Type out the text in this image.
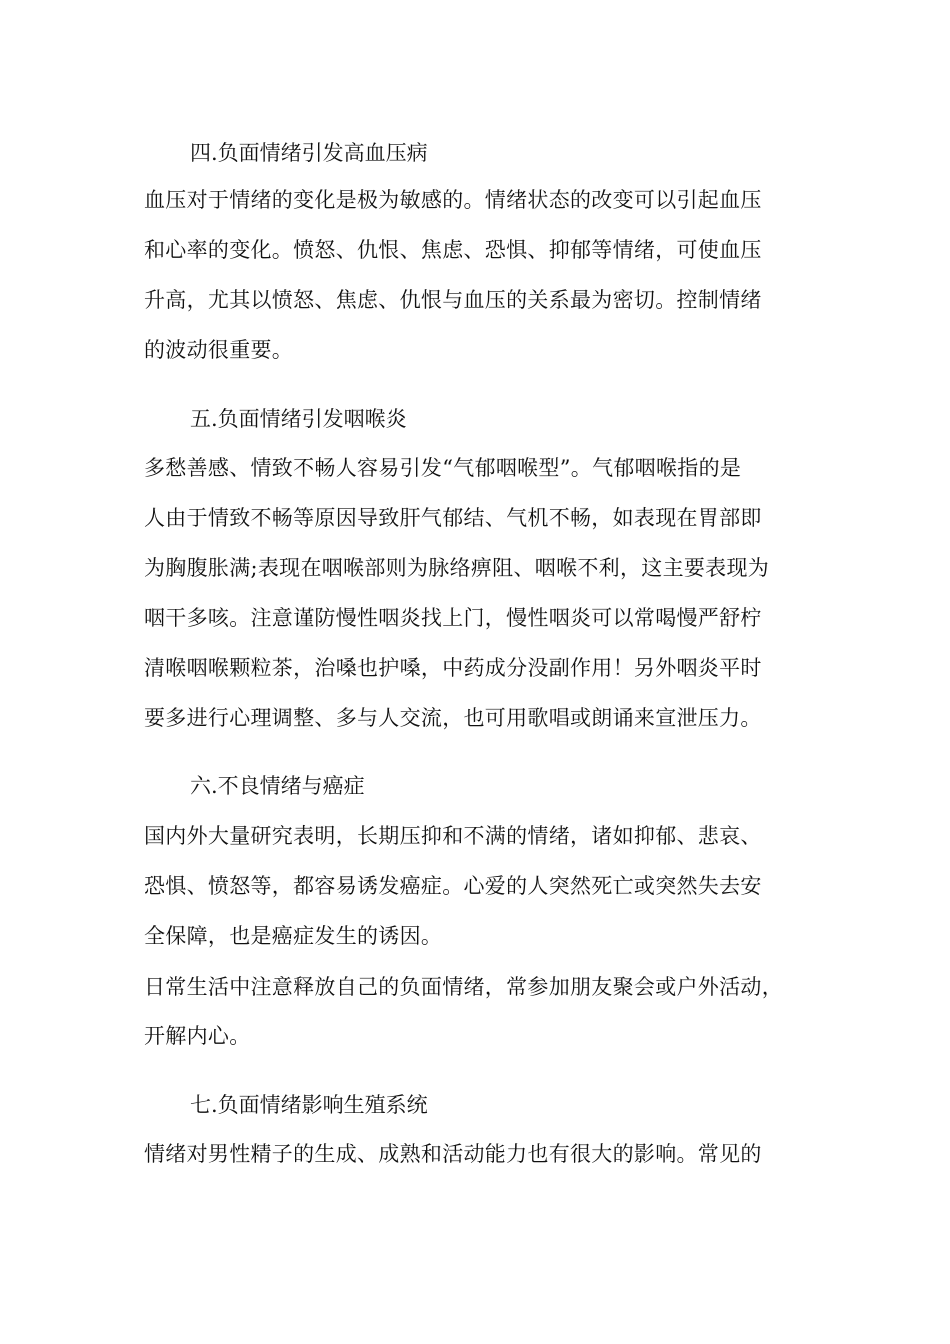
四.负面情绪引发高血压病
血压对于情绪的变化是极为敏感的。情绪状态的改变可以引起血压
和心率的变化。愤怒、仇恨、焦虑、恐惧、抑郁等情绪，可使血压
升高，尤其以愤怒、焦虑、仇恨与血压的关系最为密切。控制情绪
的波动很重要。
五.负面情绪引发咽喉炎
多愁善感、情致不畅人容易引发“气郁咽喉型”。气郁咽喉指的是
人由于情致不畅等原因导致肝气郁结、气机不畅，如表现在胃部即
为胸腹胀满;表现在咽喉部则为脉络痹阻、咽喉不利，这主要表现为
咽干多咳。注意谨防慢性咽炎找上门，慢性咽炎可以常喝慢严舒柠
清喉咽喉颗粒茶，治嗓也护嗓，中药成分没副作用！另外咽炎平时
要多进行心理调整、多与人交流，也可用歌唱或朗诵来宣泄压力。
六.不良情绪与癌症
国内外大量研究表明，长期压抑和不满的情绪，诸如抑郁、悲哀、
恐惧、愤怒等，都容易诱发癌症。心爱的人突然死亡或突然失去安
全保障，也是癌症发生的诱因。
日常生活中注意释放自己的负面情绪，常参加朋友聚会或户外活动，
开解内心。
七.负面情绪影响生殖系统
情绪对男性精子的生成、成熟和活动能力也有很大的影响。常见的
